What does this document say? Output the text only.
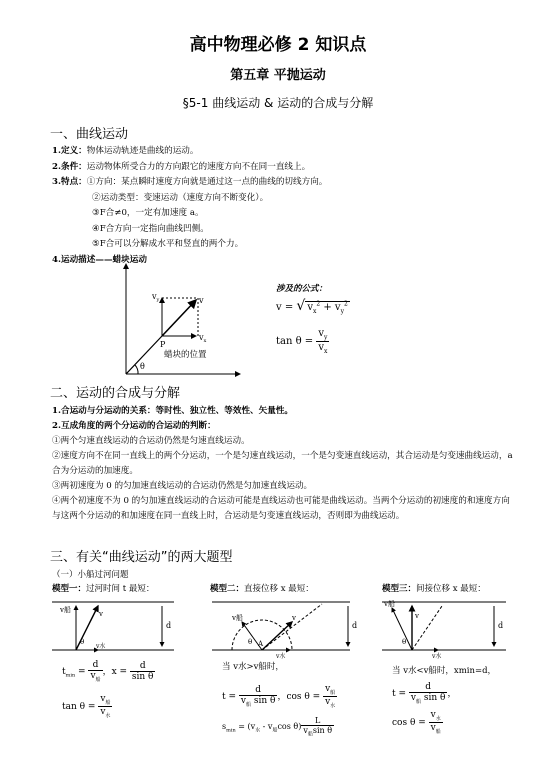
高中物理必修 2 知识点
第五章 平抛运动
§5-1 曲线运动 & 运动的合成与分解
一、曲线运动
1.定义：物体运动轨迹是曲线的运动。
2.条件：运动物体所受合力的方向跟它的速度方向不在同一直线上。
3.特点：①方向：某点瞬时速度方向就是通过这一点的曲线的切线方向。
②运动类型：变速运动（速度方向不断变化）。
③F合≠0，一定有加速度 a。
④F合方向一定指向曲线凹侧。
⑤F合可以分解成水平和竖直的两个力。
4.运动描述——蜡块运动
$v_y$	v
$v_x$
P
θ
蜡块的位置
涉及的公式：
v = √ $v_x^2 + v_y^2$
$\tan \theta = \frac{v_y}{v_x}$
二、运动的合成与分解
1.合运动与分运动的关系：等时性、独立性、等效性、矢量性。
2.互成角度的两个分运动的合运动的判断：
①两个匀速直线运动的合运动仍然是匀速直线运动。
②速度方向不在同一直线上的两个分运动，一个是匀速直线运动，一个是匀变速直线运动，其合运动是匀变速曲线运动，a合为分运动的加速度。
③两初速度为 0 的匀加速直线运动的合运动仍然是匀加速直线运动。
④两个初速度不为 0 的匀加速直线运动的合运动可能是直线运动也可能是曲线运动。当两个分运动的初速度的和速度方向与这两个分运动的和加速度在同一直线上时，合运动是匀变速直线运动，否则即为曲线运动。
三、有关“曲线运动”的两大题型
（一）小船过河问题
模型一：过河时间 t 最短：	模型二：直接位移 x 最短：	模型三：间接位移 x 最短：
d
v船	v
θ
v水
d
v船	v
A
θ
v水
d
v船
v
θ
v水
$t_{min}$ =
d
$v_船$
，$x = \frac{d}{\text{sin θ}}$
tan θ =
$v_船$
$v_水$
当 v水>v船时，
t =
d
$v_船$ sin θ ，cos θ =
$v_船$
$v_水$
$s_{min} = (v_水 - v_船\cos$ θ)
L
$v_船\sin$ θ
当 v水<v船时，xmin=d，
t =
d
$v_船$ sin θ ，
cos θ =
$v_水$
$v_船$
